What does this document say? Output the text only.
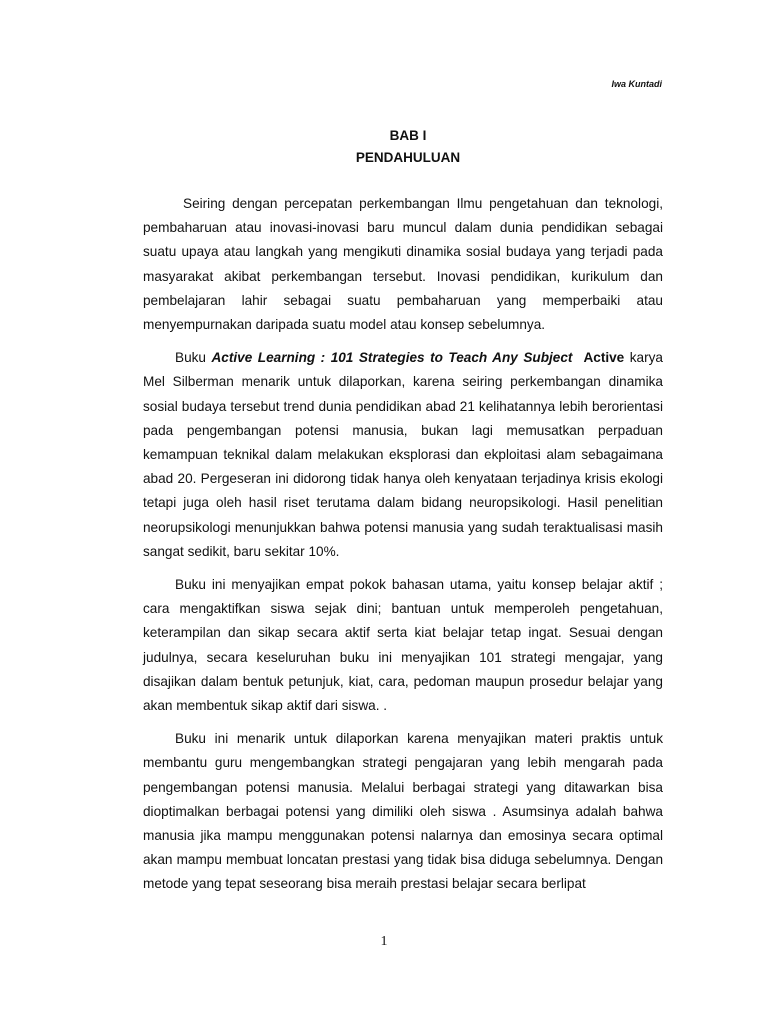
Iwa Kuntadi
BAB I
PENDAHULUAN

Seiring dengan percepatan perkembangan Ilmu pengetahuan dan teknologi, pembaharuan atau inovasi-inovasi baru muncul dalam dunia pendidikan sebagai suatu upaya atau langkah yang mengikuti dinamika sosial budaya yang terjadi pada masyarakat akibat perkembangan tersebut. Inovasi pendidikan, kurikulum dan pembelajaran lahir sebagai suatu pembaharuan yang memperbaiki atau menyempurnakan daripada suatu model atau konsep sebelumnya.

Buku Active Learning : 101 Strategies to Teach Any Subject Active karya Mel Silberman menarik untuk dilaporkan, karena seiring perkembangan dinamika sosial budaya tersebut trend dunia pendidikan abad 21 kelihatannya lebih berorientasi pada pengembangan potensi manusia, bukan lagi memusatkan perpaduan kemampuan teknikal dalam melakukan eksplorasi dan ekploitasi alam sebagaimana abad 20. Pergeseran ini didorong tidak hanya oleh kenyataan terjadinya krisis ekologi tetapi juga oleh hasil riset terutama dalam bidang neuropsikologi. Hasil penelitian neorupsikologi menunjukkan bahwa potensi manusia yang sudah teraktualisasi masih sangat sedikit, baru sekitar 10%.

Buku ini menyajikan empat pokok bahasan utama, yaitu konsep belajar aktif ; cara mengaktifkan siswa sejak dini; bantuan untuk memperoleh pengetahuan, keterampilan dan sikap secara aktif serta kiat belajar tetap ingat. Sesuai dengan judulnya, secara keseluruhan buku ini menyajikan 101 strategi mengajar, yang disajikan dalam bentuk petunjuk, kiat, cara, pedoman maupun prosedur belajar yang akan membentuk sikap aktif dari siswa. .

Buku ini menarik untuk dilaporkan karena menyajikan materi praktis untuk membantu guru mengembangkan strategi pengajaran yang lebih mengarah pada pengembangan potensi manusia. Melalui berbagai strategi yang ditawarkan bisa dioptimalkan berbagai potensi yang dimiliki oleh siswa . Asumsinya adalah bahwa manusia jika mampu menggunakan potensi nalarnya dan emosinya secara optimal akan mampu membuat loncatan prestasi yang tidak bisa diduga sebelumnya. Dengan metode yang tepat seseorang bisa meraih prestasi belajar secara berlipat

1
